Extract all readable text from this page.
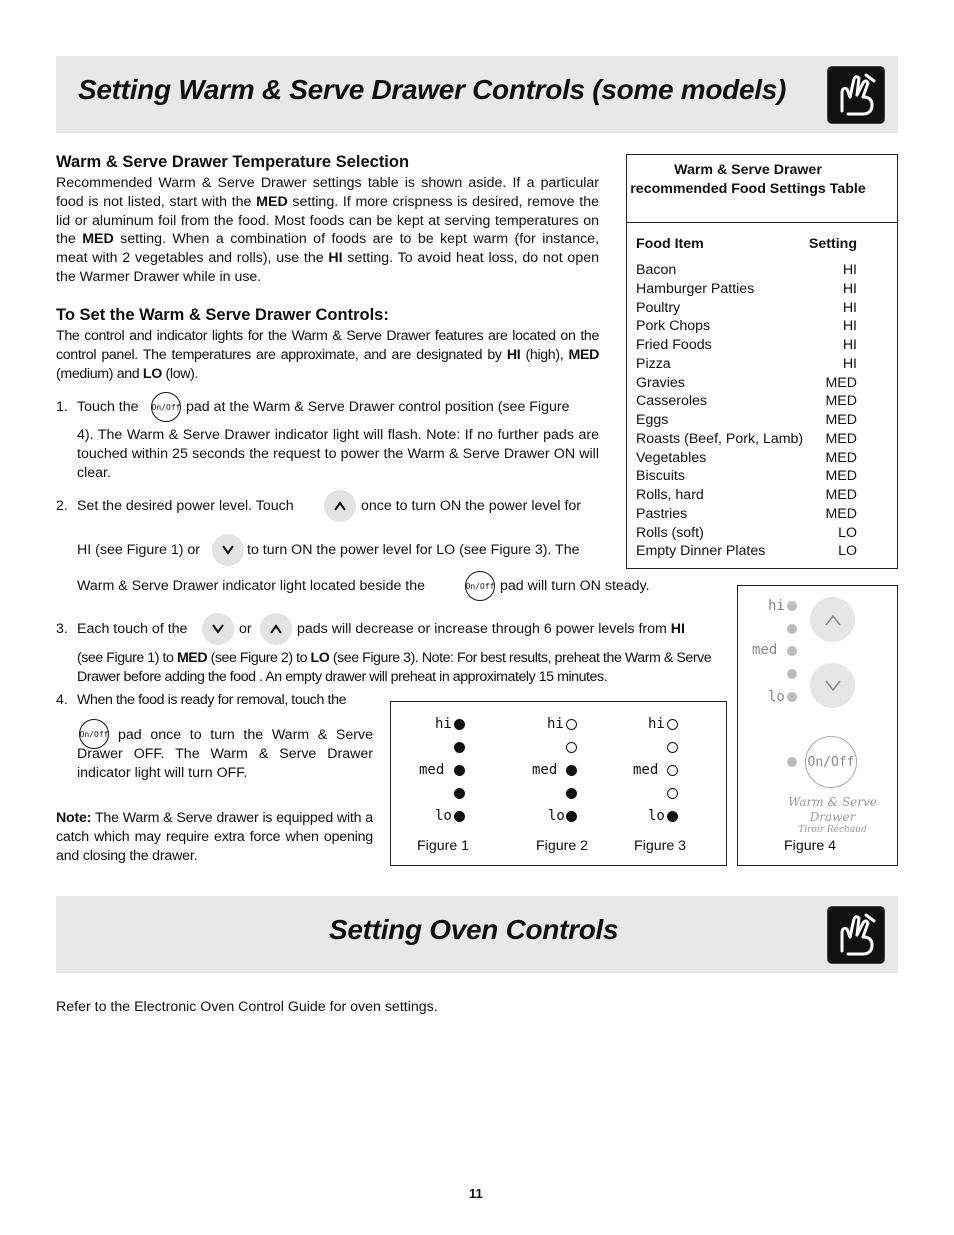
Setting Warm & Serve Drawer Controls (some models)
Warm & Serve Drawer Temperature Selection
Recommended Warm & Serve Drawer settings table is shown aside. If a particular food is not listed, start with the MED setting. If more crispness is desired, remove the lid or aluminum foil from the food. Most foods can be kept at serving temperatures on the MED setting. When a combination of foods are to be kept warm (for instance, meat with 2 vegetables and rolls), use the HI setting. To avoid heat loss, do not open the Warmer Drawer while in use.
To Set the Warm & Serve Drawer Controls:
The control and indicator lights for the Warm & Serve Drawer features are located on the control panel. The temperatures are approximate, and are designated by HI (high), MED (medium) and LO (low).
1. Touch the On/Off pad at the Warm & Serve Drawer control position (see Figure
4). The Warm & Serve Drawer indicator light will flash. Note: If no further pads are touched within 25 seconds the request to power the Warm & Serve Drawer ON will clear.
2. Set the desired power level. Touch	once to turn ON the power level for
HI (see Figure 1) or	to turn ON the power level for LO (see Figure 3). The
Warm & Serve Drawer indicator light located beside the	On/Off pad will turn ON steady.
3. Each touch of the	or	pads will decrease or increase through 6 power levels from HI
(see Figure 1) to MED (see Figure 2) to LO (see Figure 3). Note: For best results, preheat the Warm & Serve Drawer before adding the food . An empty drawer will preheat in approximately 15 minutes.
4. When the food is ready for removal, touch the
On/Off pad once to turn the Warm & Serve Drawer OFF. The Warm & Serve Drawer indicator light will turn OFF.
Note: The Warm & Serve drawer is equipped with a catch which may require extra force when opening and closing the drawer.
Warm & Serve Drawer recommended Food Settings Table
Food Item	Setting
Bacon	HI
Hamburger Patties	HI
Poultry	HI
Pork Chops	HI
Fried Foods	HI
Pizza	HI
Gravies	MED
Casseroles	MED
Eggs	MED
Roasts (Beef, Pork, Lamb) MED
Vegetables	MED
Biscuits	MED
Rolls, hard	MED
Pastries	MED
Rolls (soft)	LO
Empty Dinner Plates	LO
hi
med
lo
hi
med
lo
hi
med
lo
Figure 1	Figure 2	Figure 3
hi
med
lo
On/Off
Warm & Serve
Drawer
Tiroir Réchaud
Figure 4
Setting Oven Controls
Refer to the Electronic Oven Control Guide for oven settings.
11
